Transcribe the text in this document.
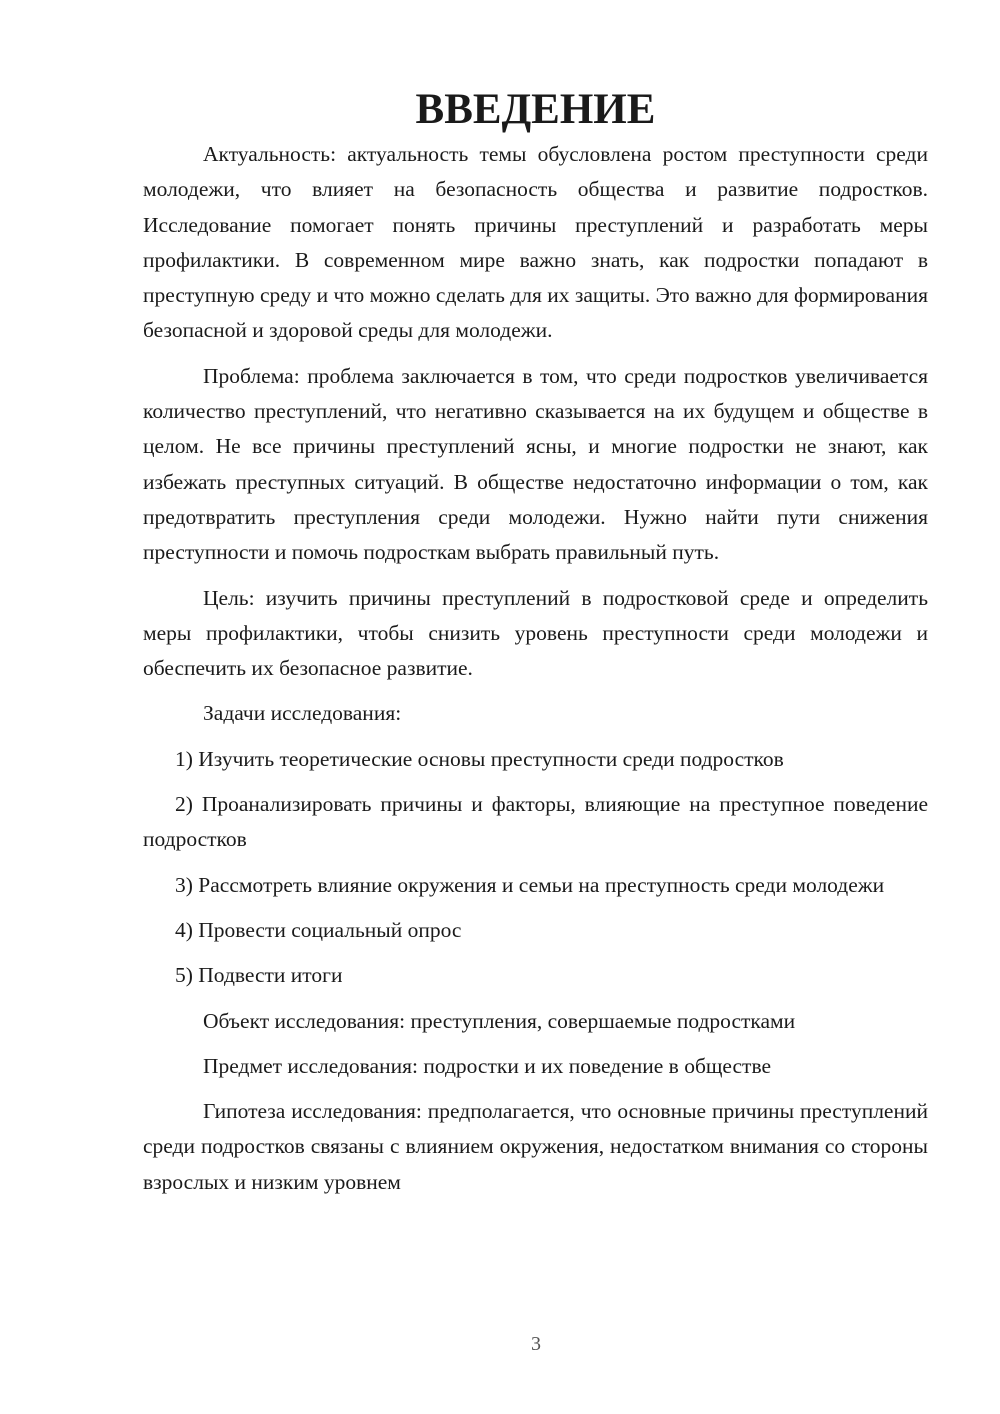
ВВЕДЕНИЕ

Актуальность: актуальность темы обусловлена ростом преступности среди молодежи, что влияет на безопасность общества и развитие подростков. Исследование помогает понять причины преступлений и разработать меры профилактики. В современном мире важно знать, как подростки попадают в преступную среду и что можно сделать для их защиты. Это важно для формирования безопасной и здоровой среды для молодежи.

Проблема: проблема заключается в том, что среди подростков увеличивается количество преступлений, что негативно сказывается на их будущем и обществе в целом. Не все причины преступлений ясны, и многие подростки не знают, как избежать преступных ситуаций. В обществе недостаточно информации о том, как предотвратить преступления среди молодежи. Нужно найти пути снижения преступности и помочь подросткам выбрать правильный путь.

Цель: изучить причины преступлений в подростковой среде и определить меры профилактики, чтобы снизить уровень преступности среди молодежи и обеспечить их безопасное развитие.

Задачи исследования:

1) Изучить теоретические основы преступности среди подростков

2) Проанализировать причины и факторы, влияющие на преступное поведение подростков

3) Рассмотреть влияние окружения и семьи на преступность среди молодежи

4) Провести социальный опрос

5) Подвести итоги

Объект исследования: преступления, совершаемые подростками

Предмет исследования: подростки и их поведение в обществе

Гипотеза исследования: предполагается, что основные причины преступлений среди подростков связаны с влиянием окружения, недостатком внимания со стороны взрослых и низким уровнем

3
